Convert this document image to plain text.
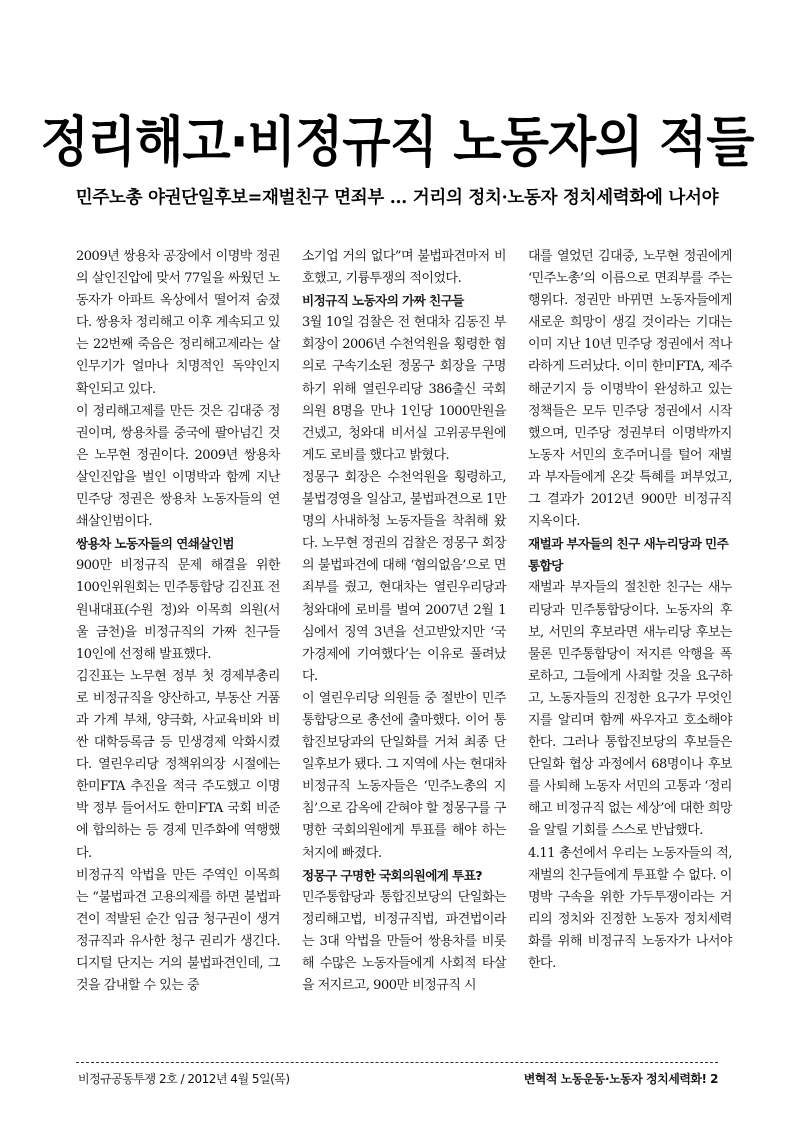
정리해고·비정규직 노동자의 적들
민주노총 야권단일후보=재벌친구 면죄부 … 거리의 정치·노동자 정치세력화에 나서야

2009년 쌍용차 공장에서 이명박 정권의 살인진압에 맞서 77일을 싸웠던 노동자가 아파트 옥상에서 떨어져 숨졌다. 쌍용차 정리해고 이후 계속되고 있는 22번째 죽음은 정리해고제라는 살인무기가 얼마나 치명적인 독약인지 확인되고 있다.

이 정리해고제를 만든 것은 김대중 정권이며, 쌍용차를 중국에 팔아넘긴 것은 노무현 정권이다. 2009년 쌍용차 살인진압을 벌인 이명박과 함께 지난 민주당 정권은 쌍용차 노동자들의 연쇄살인범이다.

쌍용차 노동자들의 연쇄살인범

900만 비정규직 문제 해결을 위한 100인위원회는 민주통합당 김진표 전 원내대표(수원 정)와 이목희 의원(서울 금천)을 비정규직의 가짜 친구들 10인에 선정해 발표했다.

김진표는 노무현 정부 첫 경제부총리로 비정규직을 양산하고, 부동산 거품과 가계 부채, 양극화, 사교육비와 비싼 대학등록금 등 민생경제 악화시켰다. 열린우리당 정책위의장 시절에는 한미FTA 추진을 적극 주도했고 이명박 정부 들어서도 한미FTA 국회 비준에 합의하는 등 경제 민주화에 역행했다.

비정규직 악법을 만든 주역인 이목희는 “불법파견 고용의제를 하면 불법파견이 적발된 순간 임금 청구권이 생겨 정규직과 유사한 청구 권리가 생긴다. 디지털 단지는 거의 불법파견인데, 그것을 감내할 수 있는 중

소기업 거의 없다”며 불법파견마저 비호했고, 기륭투쟁의 적이었다.

비정규직 노동자의 가짜 친구들

3월 10일 검찰은 전 현대차 김동진 부회장이 2006년 수천억원을 횡령한 혐의로 구속기소된 정몽구 회장을 구명하기 위해 열린우리당 386출신 국회의원 8명을 만나 1인당 1000만원을 건넸고, 청와대 비서실 고위공무원에게도 로비를 했다고 밝혔다.

정몽구 회장은 수천억원을 횡령하고, 불법경영을 일삼고, 불법파견으로 1만명의 사내하청 노동자들을 착취해 왔다. 노무현 정권의 검찰은 정몽구 회장의 불법파견에 대해 ‘혐의없음’으로 면죄부를 줬고, 현대차는 열린우리당과 청와대에 로비를 벌여 2007년 2월 1심에서 징역 3년을 선고받았지만 ‘국가경제에 기여했다’는 이유로 풀려났다.

이 열린우리당 의원들 중 절반이 민주통합당으로 총선에 출마했다. 이어 통합진보당과의 단일화를 거쳐 최종 단일후보가 됐다. 그 지역에 사는 현대차 비정규직 노동자들은 ‘민주노총의 지침’으로 감옥에 갇혀야 할 정몽구를 구명한 국회의원에게 투표를 해야 하는 처지에 빠졌다.

정몽구 구명한 국회의원에게 투표?

민주통합당과 통합진보당의 단일화는 정리해고법, 비정규직법, 파견법이라는 3대 악법을 만들어 쌍용차를 비롯해 수많은 노동자들에게 사회적 타살을 저지르고, 900만 비정규직 시

대를 열었던 김대중, 노무현 정권에게 ‘민주노총’의 이름으로 면죄부를 주는 행위다. 정권만 바뀌면 노동자들에게 새로운 희망이 생길 것이라는 기대는 이미 지난 10년 민주당 정권에서 적나라하게 드러났다. 이미 한미FTA, 제주해군기지 등 이명박이 완성하고 있는 정책들은 모두 민주당 정권에서 시작했으며, 민주당 정권부터 이명박까지 노동자 서민의 호주머니를 털어 재벌과 부자들에게 온갖 특혜를 퍼부었고, 그 결과가 2012년 900만 비정규직 지옥이다.

재벌과 부자들의 친구 새누리당과 민주통합당

재벌과 부자들의 절친한 친구는 새누리당과 민주통합당이다. 노동자의 후보, 서민의 후보라면 새누리당 후보는물론 민주통합당이 저지른 악행을 폭로하고, 그들에게 사죄할 것을 요구하고, 노동자들의 진정한 요구가 무엇인지를 알리며 함께 싸우자고 호소해야 한다. 그러나 통합진보당의 후보들은 단일화 협상 과정에서 68명이나 후보를 사퇴해 노동자 서민의 고통과 ‘정리해고 비정규직 없는 세상’에 대한 희망을 알릴 기회를 스스로 반납했다.

4.11 총선에서 우리는 노동자들의 적, 재벌의 친구들에게 투표할 수 없다. 이명박 구속을 위한 가두투쟁이라는 거리의 정치와 진정한 노동자 정치세력화를 위해 비정규직 노동자가 나서야 한다.

비정규공동투쟁 2호 / 2012년 4월 5일(목)	변혁적 노동운동·노동자 정치세력화! 2
